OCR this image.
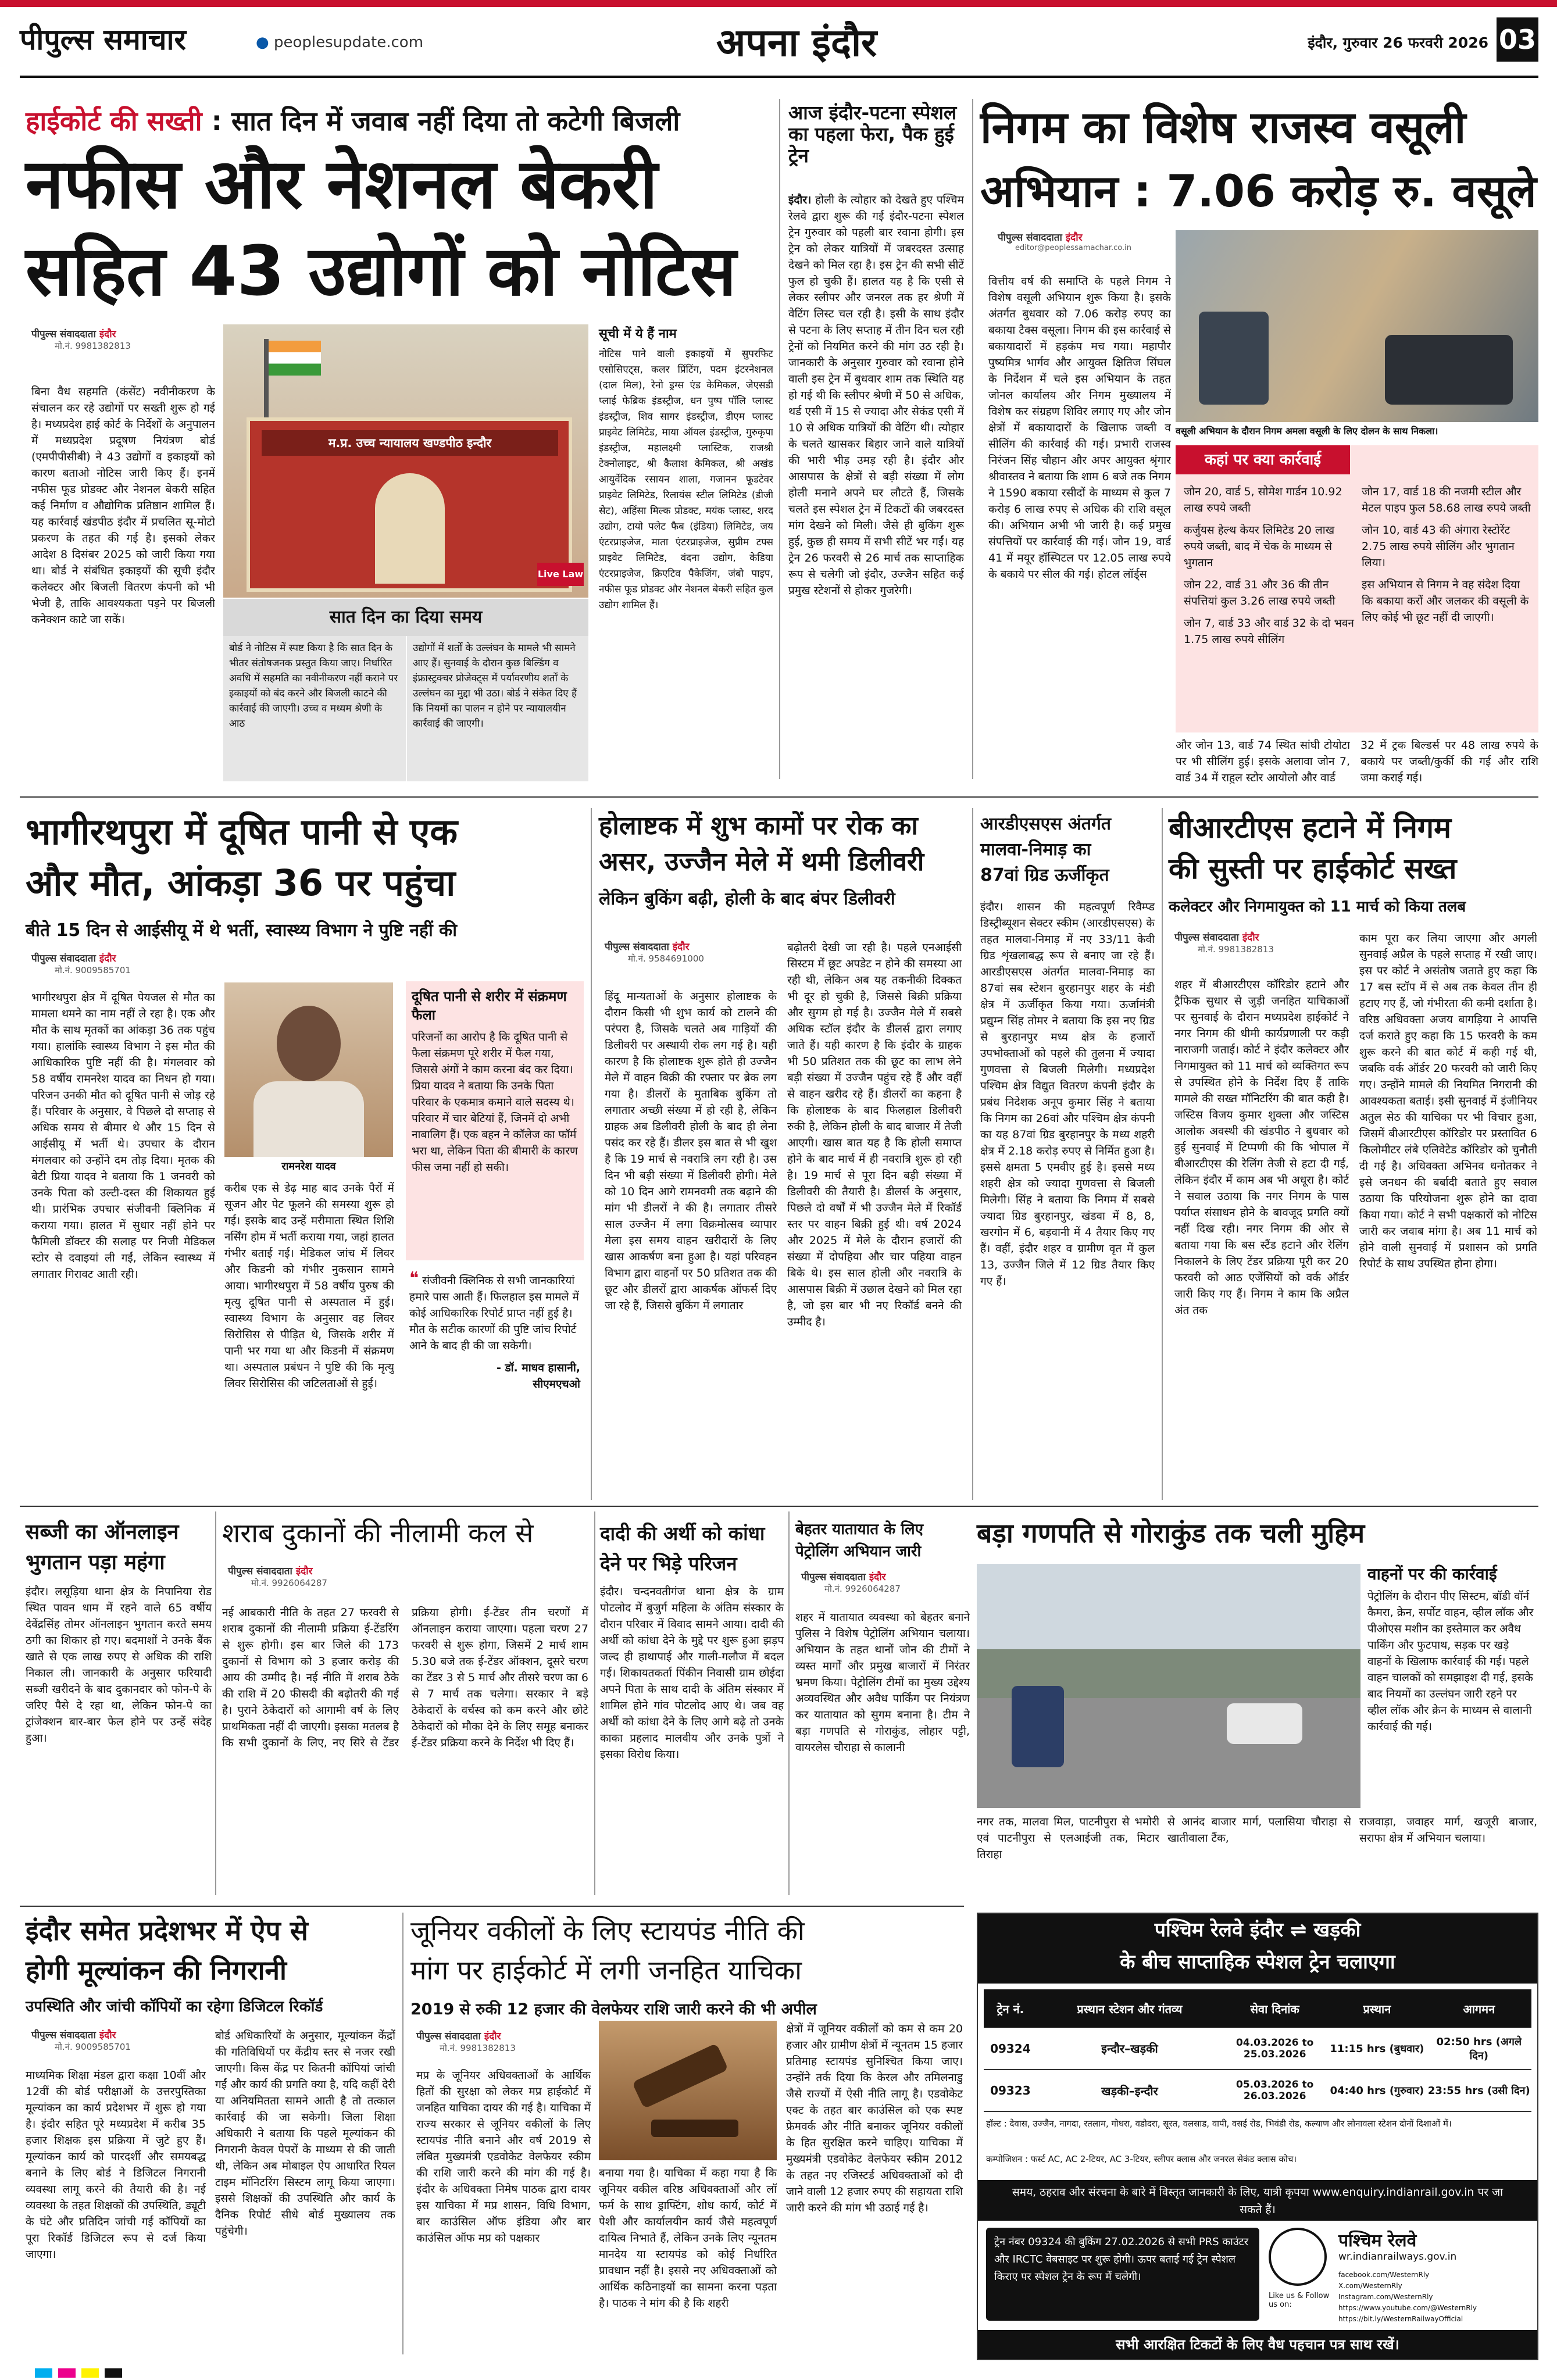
पीपुल्स समाचार	● peoplesupdate.com	अपना इंदौर	इंदौर, गुरुवार 26 फरवरी 2026 03
हाईकोर्ट की सख्ती : सात दिन में जवाब नहीं दिया तो कटेगी बिजली
नफीस और नेशनल बेकरी
सहित 43 उद्योगों को नोटिस
पीपुल्स संवाददाता इंदौर
मो.नं. 9981382813

बिना वैध सहमति (कंसेंट) नवीनीकरण के संचालन कर रहे उद्योगों पर सख्ती शुरू हो गई है। मध्यप्रदेश हाई कोर्ट के निर्देशों के अनुपालन में मध्यप्रदेश प्रदूषण नियंत्रण बोर्ड (एमपीपीसीबी) ने 43 उद्योगों व इकाइयों को कारण बताओ नोटिस जारी किए हैं। इनमें नफीस फूड प्रोडक्ट और नेशनल बेकरी सहित कई निर्माण व औद्योगिक प्रतिष्ठान शामिल हैं। यह कार्रवाई खंडपीठ इंदौर में प्रचलित सू-मोटो प्रकरण के तहत की गई है। इसको लेकर आदेश 8 दिसंबर 2025 को जारी किया गया था। बोर्ड ने संबंधित इकाइयों की सूची इंदौर कलेक्टर और बिजली वितरण कंपनी को भी भेजी है, ताकि आवश्यकता पड़ने पर बिजली कनेक्शन काटे जा सकें।

म.प्र. उच्च न्यायालय खण्डपीठ इन्दौर
Live Law
सात दिन का दिया समय
बोर्ड ने नोटिस में स्पष्ट किया है कि सात दिन के भीतर संतोषजनक प्रस्तुत किया जाए। निर्धारित अवधि में सहमति का नवीनीकरण नहीं कराने पर इकाइयों को बंद करने और बिजली काटने की कार्रवाई की जाएगी। उच्च व मध्यम श्रेणी के आठ
उद्योगों में शर्तों के उल्लंघन के मामले भी सामने आए हैं। सुनवाई के दौरान कुछ बिल्डिंग व इंफ्रास्ट्रक्चर प्रोजेक्ट्स में पर्यावरणीय शर्तों के उल्लंघन का मुद्दा भी उठा। बोर्ड ने संकेत दिए हैं कि नियमों का पालन न होने पर न्यायालयीन कार्रवाई की जाएगी।
सूची में ये हैं नाम

नोटिस पाने वाली इकाइयों में सुपरफिट एसोसिएट्स, कलर प्रिंटिंग, पदम इंटरनेशनल (दाल मिल), रेनो ड्रग्स एंड केमिकल, जेएसडी प्लाई फेब्रिक इंडस्ट्रीज, धन पुष्प पॉलि प्लास्ट इंडस्ट्रीज, शिव सागर इंडस्ट्रीज, डीएम प्लास्ट प्राइवेट लिमिटेड, माया ऑयल इंडस्ट्रीज, गुरुकृपा इंडस्ट्रीज, महालक्ष्मी प्लास्टिक, राजश्री टेक्नोलाइट, श्री कैलाश केमिकल, श्री अखंड आयुर्वेदिक रसायन शाला, गजानन फूडटेवर प्राइवेट लिमिटेड, रिलायंस स्टील लिमिटेड (डीजी सेट), अहिंसा मिल्क प्रोडक्ट, मयंक प्लास्ट, शरद उद्योग, टायो पलेट फैब (इंडिया) लिमिटेड, जय एंटरप्राइजेज, माता एंटरप्राइजेज, सुप्रीम टफ्स प्राइवेट लिमिटेड, वंदना उद्योग, केडिया एंटरप्राइजेज, क्रिएटिव पैकेजिंग, जंबो पाइप, नफीस फूड प्रोडक्ट और नेशनल बेकरी सहित कुल उद्योग शामिल हैं।

आज इंदौर-पटना स्पेशल का पहला फेरा, पैक हुई ट्रेन

इंदौर। होली के त्योहार को देखते हुए पश्चिम रेलवे द्वारा शुरू की गई इंदौर-पटना स्पेशल ट्रेन गुरुवार को पहली बार रवाना होगी। इस ट्रेन को लेकर यात्रियों में जबरदस्त उत्साह देखने को मिल रहा है। इस ट्रेन की सभी सीटें फुल हो चुकी हैं। हालत यह है कि एसी से लेकर स्लीपर और जनरल तक हर श्रेणी में वेटिंग लिस्ट चल रही है। इसी के साथ इंदौर से पटना के लिए सप्ताह में तीन दिन चल रही ट्रेनों को नियमित करने की मांग उठ रही है। जानकारी के अनुसार गुरुवार को रवाना होने वाली इस ट्रेन में बुधवार शाम तक स्थिति यह हो गई थी कि स्लीपर श्रेणी में 50 से अधिक, थर्ड एसी में 15 से ज्यादा और सेकंड एसी में 10 से अधिक यात्रियों की वेटिंग थी। त्योहार के चलते खासकर बिहार जाने वाले यात्रियों की भारी भीड़ उमड़ रही है। इंदौर और आसपास के क्षेत्रों से बड़ी संख्या में लोग होली मनाने अपने घर लौटते हैं, जिसके चलते इस स्पेशल ट्रेन में टिकटों की जबरदस्त मांग देखने को मिली। जैसे ही बुकिंग शुरू हुई, कुछ ही समय में सभी सीटें भर गईं। यह ट्रेन 26 फरवरी से 26 मार्च तक साप्ताहिक रूप से चलेगी जो इंदौर, उज्जैन सहित कई प्रमुख स्टेशनों से होकर गुजरेगी।

निगम का विशेष राजस्व वसूली
अभियान : 7.06 करोड़ रु. वसूले
पीपुल्स संवाददाता इंदौर
editor@peoplessamachar.co.in

वित्तीय वर्ष की समाप्ति के पहले निगम ने विशेष वसूली अभियान शुरू किया है। इसके अंतर्गत बुधवार को 7.06 करोड़ रुपए का बकाया टैक्स वसूला। निगम की इस कार्रवाई से बकायादारों में हड़कंप मच गया। महापौर पुष्यमित्र भार्गव और आयुक्त क्षितिज सिंघल के निर्देशन में चले इस अभियान के तहत जोनल कार्यालय और निगम मुख्यालय में विशेष कर संग्रहण शिविर लगाए गए और जोन क्षेत्रों में बकायादारों के खिलाफ जब्ती व सीलिंग की कार्रवाई की गई। प्रभारी राजस्व निरंजन सिंह चौहान और अपर आयुक्त श्रृंगार श्रीवास्तव ने बताया कि शाम 6 बजे तक निगम ने 1590 बकाया रसीदों के माध्यम से कुल 7 करोड़ 6 लाख रुपए से अधिक की राशि वसूल की। अभियान अभी भी जारी है। कई प्रमुख संपत्तियों पर कार्रवाई की गई। जोन 19, वार्ड 41 में मयूर हॉस्पिटल पर 12.05 लाख रुपये के बकाये पर सील की गई। होटल लॉर्ड्स

वसूली अभियान के दौरान निगम अमला वसूली के लिए दोलन के साथ निकला।
कहां पर क्या कार्रवाई
जोन 20, वार्ड 5, सोमेश गार्डन 10.92 लाख रुपये जब्ती
कर्जुयस हेल्थ केयर लिमिटेड 20 लाख रुपये जब्ती, बाद में चेक के माध्यम से भुगतान
जोन 22, वार्ड 31 और 36 की तीन संपत्तियां कुल 3.26 लाख रुपये जब्ती
जोन 7, वार्ड 33 और वार्ड 32 के दो भवन 1.75 लाख रुपये सीलिंग
जोन 17, वार्ड 18 की नजमी स्टील और मेटल पाइप फुल 58.68 लाख रुपये जब्ती
जोन 10, वार्ड 43 की अंगारा रेस्टोरेंट 2.75 लाख रुपये सीलिंग और भुगतान लिया।
इस अभियान से निगम ने वह संदेश दिया कि बकाया करों और जलकर की वसूली के लिए कोई भी छूट नहीं दी जाएगी।

और जोन 13, वार्ड 74 स्थित सांघी टोयोटा पर भी सीलिंग हुई। इसके अलावा जोन 7, वार्ड 34 में राहुल स्टोर आयोलो और वार्ड

32 में ट्रक बिल्डर्स पर 48 लाख रुपये के बकाये पर जब्ती/कुर्की की गई और राशि जमा कराई गई।

भागीरथपुरा में दूषित पानी से एक
और मौत, आंकड़ा 36 पर पहुंचा
बीते 15 दिन से आईसीयू में थे भर्ती, स्वास्थ्य विभाग ने पुष्टि नहीं की
पीपुल्स संवाददाता इंदौर
मो.नं. 9009585701

भागीरथपुरा क्षेत्र में दूषित पेयजल से मौत का मामला थमने का नाम नहीं ले रहा है। एक और मौत के साथ मृतकों का आंकड़ा 36 तक पहुंच गया। हालांकि स्वास्थ्य विभाग ने इस मौत की आधिकारिक पुष्टि नहीं की है। मंगलवार को 58 वर्षीय रामनरेश यादव का निधन हो गया। परिजन उनकी मौत को दूषित पानी से जोड़ रहे हैं। परिवार के अनुसार, वे पिछले दो सप्ताह से अधिक समय से बीमार थे और 15 दिन से आईसीयू में भर्ती थे। उपचार के दौरान मंगलवार को उन्होंने दम तोड़ दिया। मृतक की बेटी प्रिया यादव ने बताया कि 1 जनवरी को उनके पिता को उल्टी-दस्त की शिकायत हुई थी। प्रारंभिक उपचार संजीवनी क्लिनिक में कराया गया। हालत में सुधार नहीं होने पर फैमिली डॉक्टर की सलाह पर निजी मेडिकल स्टोर से दवाइयां ली गईं, लेकिन स्वास्थ्य में लगातार गिरावट आती रही।

रामनरेश यादव

करीब एक से डेढ़ माह बाद उनके पैरों में सूजन और पेट फूलने की समस्या शुरू हो गई। इसके बाद उन्हें मरीमाता स्थित शिशि नर्सिंग होम में भर्ती कराया गया, जहां हालत गंभीर बताई गई। मेडिकल जांच में लिवर और किडनी को गंभीर नुकसान सामने आया। भागीरथपुरा में 58 वर्षीय पुरुष की मृत्यु दूषित पानी से अस्पताल में हुई। स्वास्थ्य विभाग के अनुसार वह लिवर सिरोसिस से पीड़ित थे, जिसके शरीर में पानी भर गया था और किडनी में संक्रमण था। अस्पताल प्रबंधन ने पुष्टि की कि मृत्यु लिवर सिरोसिस की जटिलताओं से हुई।

दूषित पानी से शरीर में संक्रमण फैला
परिजनों का आरोप है कि दूषित पानी से फैला संक्रमण पूरे शरीर में फैल गया, जिससे अंगों ने काम करना बंद कर दिया। प्रिया यादव ने बताया कि उनके पिता परिवार के एकमात्र कमाने वाले सदस्य थे। परिवार में चार बेटियां हैं, जिनमें दो अभी नाबालिग हैं। एक बहन ने कॉलेज का फॉर्म भरा था, लेकिन पिता की बीमारी के कारण फीस जमा नहीं हो सकी।
❝ संजीवनी क्लिनिक से सभी जानकारियां हमारे पास आती हैं। फिलहाल इस मामले में कोई आधिकारिक रिपोर्ट प्राप्त नहीं हुई है। मौत के सटीक कारणों की पुष्टि जांच रिपोर्ट आने के बाद ही की जा सकेगी।
- डॉ. माधव हासानी,
सीएमएचओ
होलाष्टक में शुभ कामों पर रोक का
असर, उज्जैन मेले में थमी डिलीवरी
लेकिन बुकिंग बढ़ी, होली के बाद बंपर डिलीवरी
पीपुल्स संवाददाता इंदौर
मो.नं. 9584691000

हिंदू मान्यताओं के अनुसार होलाष्टक के दौरान किसी भी शुभ कार्य को टालने की परंपरा है, जिसके चलते अब गाड़ियों की डिलीवरी पर अस्थायी रोक लग गई है। यही कारण है कि होलाष्टक शुरू होते ही उज्जैन मेले में वाहन बिक्री की रफ्तार पर ब्रेक लग गया है। डीलरों के मुताबिक बुकिंग तो लगातार अच्छी संख्या में हो रही है, लेकिन ग्राहक अब डिलीवरी होली के बाद ही लेना पसंद कर रहे हैं। डीलर इस बात से भी खुश है कि 19 मार्च से नवरात्रि लग रही है। उस दिन भी बड़ी संख्या में डिलीवरी होगी। मेले को 10 दिन आगे रामनवमी तक बढ़ाने की मांग भी डीलरों ने की है। लगातार तीसरे साल उज्जैन में लगा विक्रमोत्सव व्यापार मेला इस समय वाहन खरीदारों के लिए खास आकर्षण बना हुआ है। यहां परिवहन विभाग द्वारा वाहनों पर 50 प्रतिशत तक की छूट और डीलरों द्वारा आकर्षक ऑफर्स दिए जा रहे हैं, जिससे बुकिंग में लगातार

बढ़ोतरी देखी जा रही है। पहले एनआईसी सिस्टम में छूट अपडेट न होने की समस्या आ रही थी, लेकिन अब यह तकनीकी दिक्कत भी दूर हो चुकी है, जिससे बिक्री प्रक्रिया और सुगम हो गई है। उज्जैन मेले में सबसे अधिक स्टॉल इंदौर के डीलर्स द्वारा लगाए जाते हैं। यही कारण है कि इंदौर के ग्राहक भी 50 प्रतिशत तक की छूट का लाभ लेने बड़ी संख्या में उज्जैन पहुंच रहे हैं और वहीं से वाहन खरीद रहे हैं। डीलरों का कहना है कि होलाष्टक के बाद फिलहाल डिलीवरी रुकी है, लेकिन होली के बाद बाजार में तेजी आएगी। खास बात यह है कि होली समाप्त होने के बाद मार्च में ही नवरात्रि शुरू हो रही है। 19 मार्च से पूरा दिन बड़ी संख्या में डिलीवरी की तैयारी है। डीलर्स के अनुसार, पिछले दो वर्षों में भी उज्जैन मेले में रिकॉर्ड स्तर पर वाहन बिक्री हुई थी। वर्ष 2024 और 2025 में मेले के दौरान हजारों की संख्या में दोपहिया और चार पहिया वाहन बिके थे। इस साल होली और नवरात्रि के आसपास बिक्री में उछाल देखने को मिल रहा है, जो इस बार भी नए रिकॉर्ड बनने की उम्मीद है।

आरडीएसएस अंतर्गत
मालवा-निमाड़ का
87वां ग्रिड ऊर्जीकृत

इंदौर। शासन की महत्वपूर्ण रिवैम्प्ड डिस्ट्रीब्यूशन सेक्टर स्कीम (आरडीएसएस) के तहत मालवा-निमाड़ में नए 33/11 केवी ग्रिड शृंखलाबद्ध रूप से बनाए जा रहे हैं। आरडीएसएस अंतर्गत मालवा-निमाड़ का 87वां सब स्टेशन बुरहानपुर शहर के मंडी क्षेत्र में ऊर्जीकृत किया गया। ऊर्जामंत्री प्रद्युम्न सिंह तोमर ने बताया कि इस नए ग्रिड से बुरहानपुर मध्य क्षेत्र के हजारों उपभोक्ताओं को पहले की तुलना में ज्यादा गुणवत्ता से बिजली मिलेगी। मध्यप्रदेश पश्चिम क्षेत्र विद्युत वितरण कंपनी इंदौर के प्रबंध निदेशक अनूप कुमार सिंह ने बताया कि निगम का 26वां और पश्चिम क्षेत्र कंपनी का यह 87वां ग्रिड बुरहानपुर के मध्य शहरी क्षेत्र में 2.18 करोड़ रुपए से निर्मित हुआ है। इससे क्षमता 5 एमवीए हुई है। इससे मध्य शहरी क्षेत्र को ज्यादा गुणवत्ता से बिजली मिलेगी। सिंह ने बताया कि निगम में सबसे ज्यादा ग्रिड बुरहानपुर, खंडवा में 8, 8, खरगोन में 6, बड़वानी में 4 तैयार किए गए हैं। वहीं, इंदौर शहर व ग्रामीण वृत में कुल 13, उज्जैन जिले में 12 ग्रिड तैयार किए गए हैं।

बीआरटीएस हटाने में निगम
की सुस्ती पर हाईकोर्ट सख्त
कलेक्टर और निगमायुक्त को 11 मार्च को किया तलब
पीपुल्स संवाददाता इंदौर
मो.नं. 9981382813

शहर में बीआरटीएस कॉरिडोर हटाने और ट्रैफिक सुधार से जुड़ी जनहित याचिकाओं पर सुनवाई के दौरान मध्यप्रदेश हाईकोर्ट ने नगर निगम की धीमी कार्यप्रणाली पर कड़ी नाराजगी जताई। कोर्ट ने इंदौर कलेक्टर और निगमायुक्त को 11 मार्च को व्यक्तिगत रूप से उपस्थित होने के निर्देश दिए हैं ताकि मामले की सख्त मॉनिटरिंग की बात कही है। जस्टिस विजय कुमार शुक्ला और जस्टिस आलोक अवस्थी की खंडपीठ ने बुधवार को हुई सुनवाई में टिप्पणी की कि भोपाल में बीआरटीएस की रेलिंग तेजी से हटा दी गई, लेकिन इंदौर में काम अब भी अधूरा है। कोर्ट ने सवाल उठाया कि नगर निगम के पास पर्याप्त संसाधन होने के बावजूद प्रगति क्यों नहीं दिख रही। नगर निगम की ओर से बताया गया कि बस स्टैंड हटाने और रेलिंग निकालने के लिए टेंडर प्रक्रिया पूरी कर 20 फरवरी को आठ एजेंसियों को वर्क ऑर्डर जारी किए गए हैं। निगम ने काम कि अप्रैल अंत तक

काम पूरा कर लिया जाएगा और अगली सुनवाई अप्रैल के पहले सप्ताह में रखी जाए। इस पर कोर्ट ने असंतोष जताते हुए कहा कि 17 बस स्टॉप में से अब तक केवल तीन ही हटाए गए हैं, जो गंभीरता की कमी दर्शाता है। वरिष्ठ अधिवक्ता अजय बागड़िया ने आपत्ति दर्ज कराते हुए कहा कि 15 फरवरी के कम शुरू करने की बात कोर्ट में कही गई थी, जबकि वर्क ऑर्डर 20 फरवरी को जारी किए गए। उन्होंने मामले की नियमित निगरानी की आवश्यकता बताई। इसी सुनवाई में इंजीनियर अतुल सेठ की याचिका पर भी विचार हुआ, जिसमें बीआरटीएस कॉरिडोर पर प्रस्तावित 6 किलोमीटर लंबे एलिवेटेड कॉरिडोर को चुनौती दी गई है। अधिवक्ता अभिनव धनोतकर ने इसे जनधन की बर्बादी बताते हुए सवाल उठाया कि परियोजना शुरू होने का दावा किया गया। कोर्ट ने सभी पक्षकारों को नोटिस जारी कर जवाब मांगा है। अब 11 मार्च को होने वाली सुनवाई में प्रशासन को प्रगति रिपोर्ट के साथ उपस्थित होना होगा।

सब्जी का ऑनलाइन
भुगतान पड़ा महंगा

इंदौर। लसूड़िया थाना क्षेत्र के निपानिया रोड स्थित पावन धाम में रहने वाले 65 वर्षीय देवेंद्रसिंह तोमर ऑनलाइन भुगतान करते समय ठगी का शिकार हो गए। बदमाशों ने उनके बैंक खाते से एक लाख रुपए से अधिक की राशि निकाल ली। जानकारी के अनुसार फरियादी सब्जी खरीदने के बाद दुकानदार को फोन-पे के जरिए पैसे दे रहा था, लेकिन फोन-पे का ट्रांजेक्शन बार-बार फेल होने पर उन्हें संदेह हुआ।

शराब दुकानों की नीलामी कल से
पीपुल्स संवाददाता इंदौर
मो.नं. 9926064287

नई आबकारी नीति के तहत 27 फरवरी से शराब दुकानों की नीलामी प्रक्रिया ई-टेंडरिंग से शुरू होगी। इस बार जिले की 173 दुकानों से विभाग को 3 हजार करोड़ की आय की उम्मीद है। नई नीति में शराब ठेके की राशि में 20 फीसदी की बढ़ोतरी की गई है। पुराने ठेकेदारों को आगामी वर्ष के लिए प्राथमिकता नहीं दी जाएगी। इसका मतलब है कि सभी दुकानों के लिए, नए सिरे से टेंडर प्रक्रिया होगी। ई-टेंडर तीन चरणों में ऑनलाइन कराया जाएगा। पहला चरण 27 फरवरी से शुरू होगा, जिसमें 2 मार्च शाम 5.30 बजे तक ई-टेंडर ऑक्शन, दूसरे चरण का टेंडर 3 से 5 मार्च और तीसरे चरण का 6 से 7 मार्च तक चलेगा। सरकार ने बड़े ठेकेदारों के वर्चस्व को कम करने और छोटे ठेकेदारों को मौका देने के लिए समूह बनाकर ई-टेंडर प्रक्रिया करने के निर्देश भी दिए हैं।

दादी की अर्थी को कांधा
देने पर भिड़े परिजन

इंदौर। चन्दनवतीगंज थाना क्षेत्र के ग्राम पोटलोद में बुजुर्ग महिला के अंतिम संस्कार के दौरान परिवार में विवाद सामने आया। दादी की अर्थी को कांधा देने के मुद्दे पर शुरू हुआ झड़प जल्द ही हाथापाई और गाली-गलौज में बदल गई। शिकायतकर्ता पिंकीन निवासी ग्राम छोईदा अपने पिता के साथ दादी के अंतिम संस्कार में शामिल होने गांव पोटलोद आए थे। जब वह अर्थी को कांधा देने के लिए आगे बढ़े तो उनके काका प्रहलाद मालवीय और उनके पुत्रों ने इसका विरोध किया।

बेहतर यातायात के लिए
पेट्रोलिंग अभियान जारी
पीपुल्स संवाददाता इंदौर
मो.नं. 9926064287

शहर में यातायात व्यवस्था को बेहतर बनाने पुलिस ने विशेष पेट्रोलिंग अभियान चलाया। अभियान के तहत थानों जोन की टीमों ने व्यस्त मार्गों और प्रमुख बाजारों में निरंतर भ्रमण किया। पेट्रोलिंग टीमों का मुख्य उद्देश्य अव्यवस्थित और अवैध पार्किंग पर नियंत्रण कर यातायात को सुगम बनाना है। टीम ने बड़ा गणपति से गोराकुंड, लोहार पट्टी, वायरलेस चौराहा से कालानी

बड़ा गणपति से गोराकुंड तक चली मुहिम
वाहनों पर की कार्रवाई
पेट्रोलिंग के दौरान पीए सिस्टम, बॉडी वॉर्न कैमरा, क्रेन, सर्पोट वाहन, व्हील लॉक और पीओएस मशीन का इस्तेमाल कर अवैध पार्किंग और फुटपाथ, सड़क पर खड़े वाहनों के खिलाफ कार्रवाई की गई। पहले वाहन चालकों को समझाइश दी गई, इसके बाद नियमों का उल्लंघन जारी रहने पर व्हील लॉक और क्रेन के माध्यम से वालानी कार्रवाई की गई।

नगर तक, मालवा मिल, पाटनीपुरा से भमोरी एवं पाटनीपुरा से एलआईजी तक, मिटार तिराहा

से आनंद बाजार मार्ग, पलासिया चौराहा से खातीवाला टैंक,

राजवाड़ा, जवाहर मार्ग, खजूरी बाजार, सराफा क्षेत्र में अभियान चलाया।

इंदौर समेत प्रदेशभर में ऐप से
होगी मूल्यांकन की निगरानी
उपस्थिति और जांची कॉपियों का रहेगा डिजिटल रिकॉर्ड
पीपुल्स संवाददाता इंदौर
मो.नं. 9009585701

माध्यमिक शिक्षा मंडल द्वारा कक्षा 10वीं और 12वीं की बोर्ड परीक्षाओं के उत्तरपुस्तिका मूल्यांकन का कार्य प्रदेशभर में शुरू हो गया है। इंदौर सहित पूरे मध्यप्रदेश में करीब 35 हजार शिक्षक इस प्रक्रिया में जुटे हुए हैं। मूल्यांकन कार्य को पारदर्शी और समयबद्ध बनाने के लिए बोर्ड ने डिजिटल निगरानी व्यवस्था लागू करने की तैयारी की है। नई व्यवस्था के तहत शिक्षकों की उपस्थिति, ड्यूटी के घंटे और प्रतिदिन जांची गई कॉपियों का पूरा रिकॉर्ड डिजिटल रूप से दर्ज किया जाएगा।

बोर्ड अधिकारियों के अनुसार, मूल्यांकन केंद्रों की गतिविधियों पर केंद्रीय स्तर से नजर रखी जाएगी। किस केंद्र पर कितनी कॉपियां जांची गईं और कार्य की प्रगति क्या है, यदि कहीं देरी या अनियमितता सामने आती है तो तत्काल कार्रवाई की जा सकेगी। जिला शिक्षा अधिकारी ने बताया कि पहले मूल्यांकन की निगरानी केवल पेपरों के माध्यम से की जाती थी, लेकिन अब मोबाइल ऐप आधारित रियल टाइम मॉनिटरिंग सिस्टम लागू किया जाएगा। इससे शिक्षकों की उपस्थिति और कार्य के दैनिक रिपोर्ट सीधे बोर्ड मुख्यालय तक पहुंचेगी।

जूनियर वकीलों के लिए स्टायपंड नीति की
मांग पर हाईकोर्ट में लगी जनहित याचिका
2019 से रुकी 12 हजार की वेलफेयर राशि जारी करने की भी अपील
पीपुल्स संवाददाता इंदौर
मो.नं. 9981382813

मप्र के जूनियर अधिवक्ताओं के आर्थिक हितों की सुरक्षा को लेकर मप्र हाईकोर्ट में जनहित याचिका दायर की गई है। याचिका में राज्य सरकार से जूनियर वकीलों के लिए स्टायपंड नीति बनाने और वर्ष 2019 से लंबित मुख्यमंत्री एडवोकेट वेलफेयर स्कीम की राशि जारी करने की मांग की गई है। इंदौर के अधिवक्ता निमेष पाठक द्वारा दायर इस याचिका में मप्र शासन, विधि विभाग, बार काउंसिल ऑफ इंडिया और बार काउंसिल ऑफ मप्र को पक्षकार

बनाया गया है। याचिका में कहा गया है कि जूनियर वकील वरिष्ठ अधिवक्ताओं और लॉ फर्म के साथ ड्राफ्टिंग, शोध कार्य, कोर्ट में पेशी और कार्यालयीन कार्य जैसे महत्वपूर्ण दायित्व निभाते हैं, लेकिन उनके लिए न्यूनतम मानदेय या स्टायपंड को कोई निर्धारित प्रावधान नहीं है। इससे नए अधिवक्ताओं को आर्थिक कठिनाइयों का सामना करना पड़ता है। पाठक ने मांग की है कि शहरी

क्षेत्रों में जूनियर वकीलों को कम से कम 20 हजार और ग्रामीण क्षेत्रों में न्यूनतम 15 हजार प्रतिमाह स्टायपंड सुनिश्चित किया जाए। उन्होंने तर्क दिया कि केरल और तमिलनाडु जैसे राज्यों में ऐसी नीति लागू है। एडवोकेट एक्ट के तहत बार काउंसिल को एक स्पष्ट फ्रेमवर्क और नीति बनाकर जूनियर वकीलों के हित सुरक्षित करने चाहिए। याचिका में मुख्यमंत्री एडवोकेट वेलफेयर स्कीम 2012 के तहत नए रजिस्टर्ड अधिवक्ताओं को दी जाने वाली 12 हजार रुपए की सहायता राशि जारी करने की मांग भी उठाई गई है।

पश्चिम रेलवे इंदौर ⇌ खड़की
के बीच साप्ताहिक स्पेशल ट्रेन चलाएगा
ट्रेन नं.	प्रस्थान स्टेशन और गंतव्य	सेवा दिनांक	प्रस्थान	आगमन
09324	इन्दौर–खड़की	04.03.2026 to 25.03.2026	11:15 hrs (बुधवार)	02:50 hrs (अगले दिन)
09323	खड़की–इन्दौर	05.03.2026 to 26.03.2026	04:40 hrs (गुरुवार)	23:55 hrs (उसी दिन)
हॉल्ट : देवास, उज्जैन, नागदा, रतलाम, गोधरा, वडोदरा, सूरत, वलसाड, वापी, वसई रोड, भिवंडी रोड, कल्याण और लोनावला स्टेशन दोनों दिशाओं में।
कम्पोजिशन : फर्स्ट AC, AC 2-टियर, AC 3-टियर, स्लीपर क्लास और जनरल सेकंड क्लास कोच।
समय, ठहराव और संरचना के बारे में विस्तृत जानकारी के लिए, यात्री कृपया www.enquiry.indianrail.gov.in पर जा सकते हैं।
ट्रेन नंबर 09324 की बुकिंग 27.02.2026 से सभी PRS काउंटर और IRCTC वेबसाइट पर शुरू होगी। ऊपर बताई गई ट्रेन स्पेशल किराए पर स्पेशल ट्रेन के रूप में चलेगी।
पश्चिम रेलवे
wr.indianrailways.gov.in
Like us & Follow us on:
facebook.com/WesternRly
X.com/WesternRly
Instagram.com/WesternRly
https://www.youtube.com/@WesternRly
https://bit.ly/WesternRailwayOfficial
सभी आरक्षित टिकटों के लिए वैध पहचान पत्र साथ रखें।
